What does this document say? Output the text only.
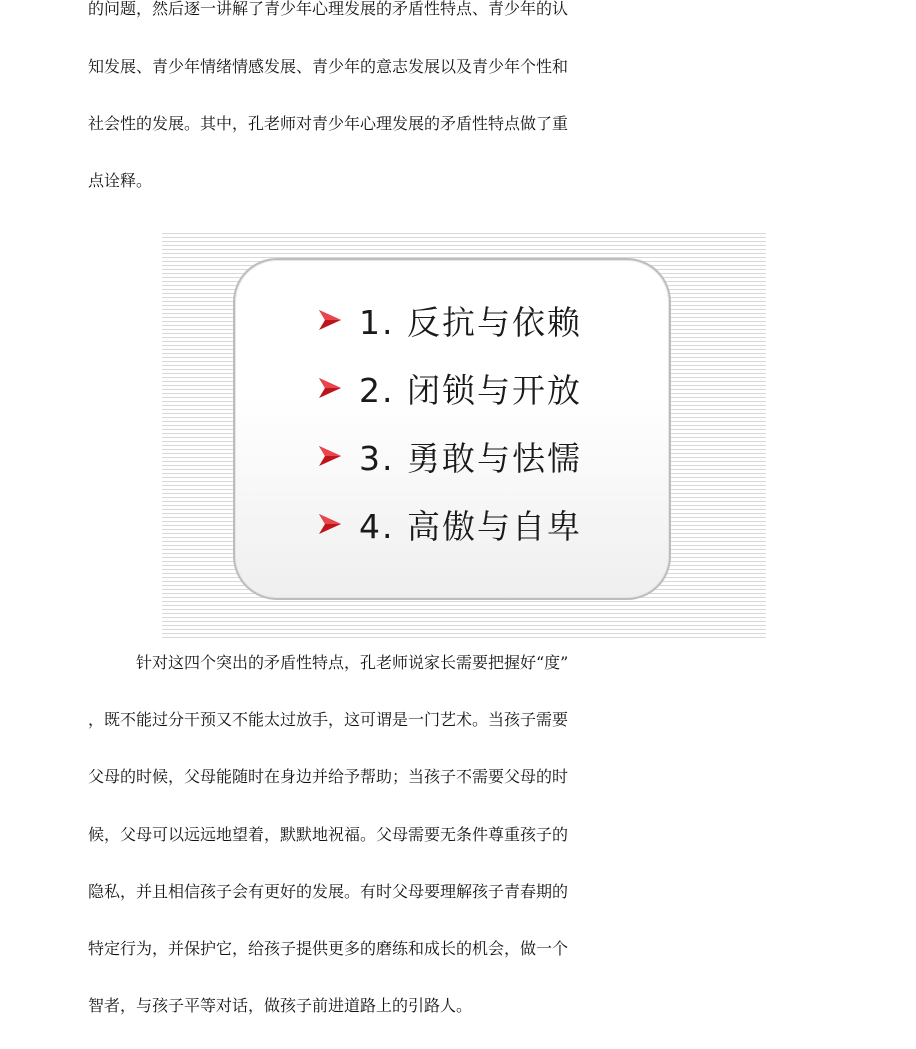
的问题，然后逐一讲解了青少年心理发展的矛盾性特点、青少年的认
知发展、青少年情绪情感发展、青少年的意志发展以及青少年个性和
社会性的发展。其中，孔老师对青少年心理发展的矛盾性特点做了重
点诠释。
1. 反抗与依赖
2. 闭锁与开放
3. 勇敢与怯懦
4. 高傲与自卑
针对这四个突出的矛盾性特点，孔老师说家长需要把握好“度”
，既不能过分干预又不能太过放手，这可谓是一门艺术。当孩子需要
父母的时候，父母能随时在身边并给予帮助；当孩子不需要父母的时
候，父母可以远远地望着，默默地祝福。父母需要无条件尊重孩子的
隐私，并且相信孩子会有更好的发展。有时父母要理解孩子青春期的
特定行为，并保护它，给孩子提供更多的磨练和成长的机会，做一个
智者，与孩子平等对话，做孩子前进道路上的引路人。
